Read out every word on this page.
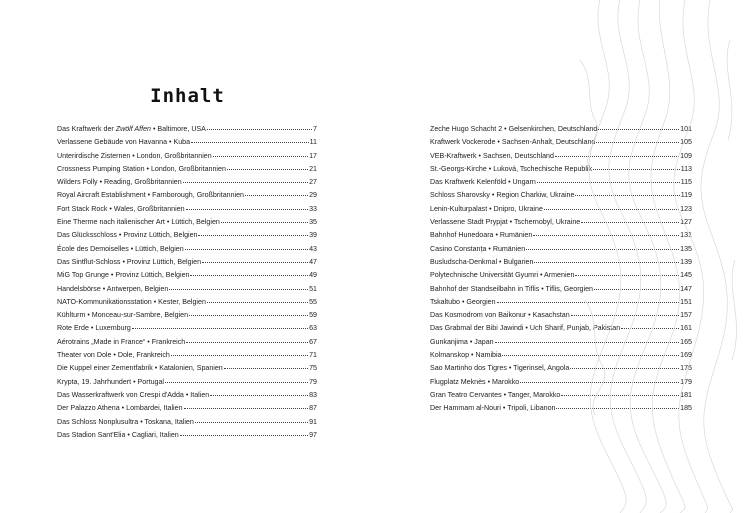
Inhalt
Das Kraftwerk der Zwölf Affen • Baltimore, USA	7
Verlassene Gebäude von Havanna • Kuba	11
Unterirdische Zisternen • London, Großbritannien	17
Crossness Pumping Station • London, Großbritannien	21
Wilders Folly • Reading, Großbritannien	27
Royal Aircraft Establishment • Farnborough, Großbritannien	29
Fort Stack Rock • Wales, Großbritannien	33
Eine Therme nach italienischer Art • Lüttich, Belgien	35
Das Glücksschloss • Provinz Lüttich, Belgien	39
École des Demoiselles • Lüttich, Belgien	43
Das Sintflut-Schloss • Provinz Lüttich, Belgien	47
MiG Top Grunge • Provinz Lüttich, Belgien	49
Handelsbörse • Antwerpen, Belgien	51
NATO-Kommunikationsstation • Kester, Belgien	55
Kühlturm • Monceau-sur-Sambre, Belgien	59
Rote Erde • Luxemburg	63
Aérotrains „Made in France“ • Frankreich	67
Theater von Dole • Dole, Frankreich	71
Die Kuppel einer Zementfabrik • Katalonien, Spanien	75
Krypta, 19. Jahrhundert • Portugal	79
Das Wasserkraftwerk von Crespi d'Adda • Italien	83
Der Palazzo Athena • Lombardei, Italien	87
Das Schloss Nonplusultra • Toskana, Italien	91
Das Stadion Sant'Elia • Cagliari, Italien	97
Zeche Hugo Schacht 2 • Gelsenkirchen, Deutschland	101
Kraftwerk Vockerode • Sachsen-Anhalt, Deutschland	105
VEB-Kraftwerk • Sachsen, Deutschland	109
St.-Georgs-Kirche • Luková, Tschechische Republik	113
Das Kraftwerk Kelenföld • Ungarn	115
Schloss Sharovsky • Region Charkiw, Ukraine	119
Lenin-Kulturpalast • Dnipro, Ukraine	123
Verlassene Stadt Prypjat • Tschernobyl, Ukraine	127
Bahnhof Hunedoara • Rumänien	131
Casino Constanța • Rumänien	135
Busludscha-Denkmal • Bulgarien	139
Polytechnische Universität Gyumri • Armenien	145
Bahnhof der Standseilbahn in Tiflis • Tiflis, Georgien	147
Tskaltubo • Georgien	151
Das Kosmodrom von Baikonur • Kasachstan	157
Das Grabmal der Bibi Jawindi • Uch Sharif, Punjab, Pakistan	161
Gunkanjima • Japan	165
Kolmanskop • Namibia	169
Sao Martinho dos Tigres • Tigerinsel, Angola	175
Flugplatz Meknès • Marokko	179
Gran Teatro Cervantes • Tanger, Marokko	181
Der Hammam al-Nouri • Tripoli, Libanon	185
